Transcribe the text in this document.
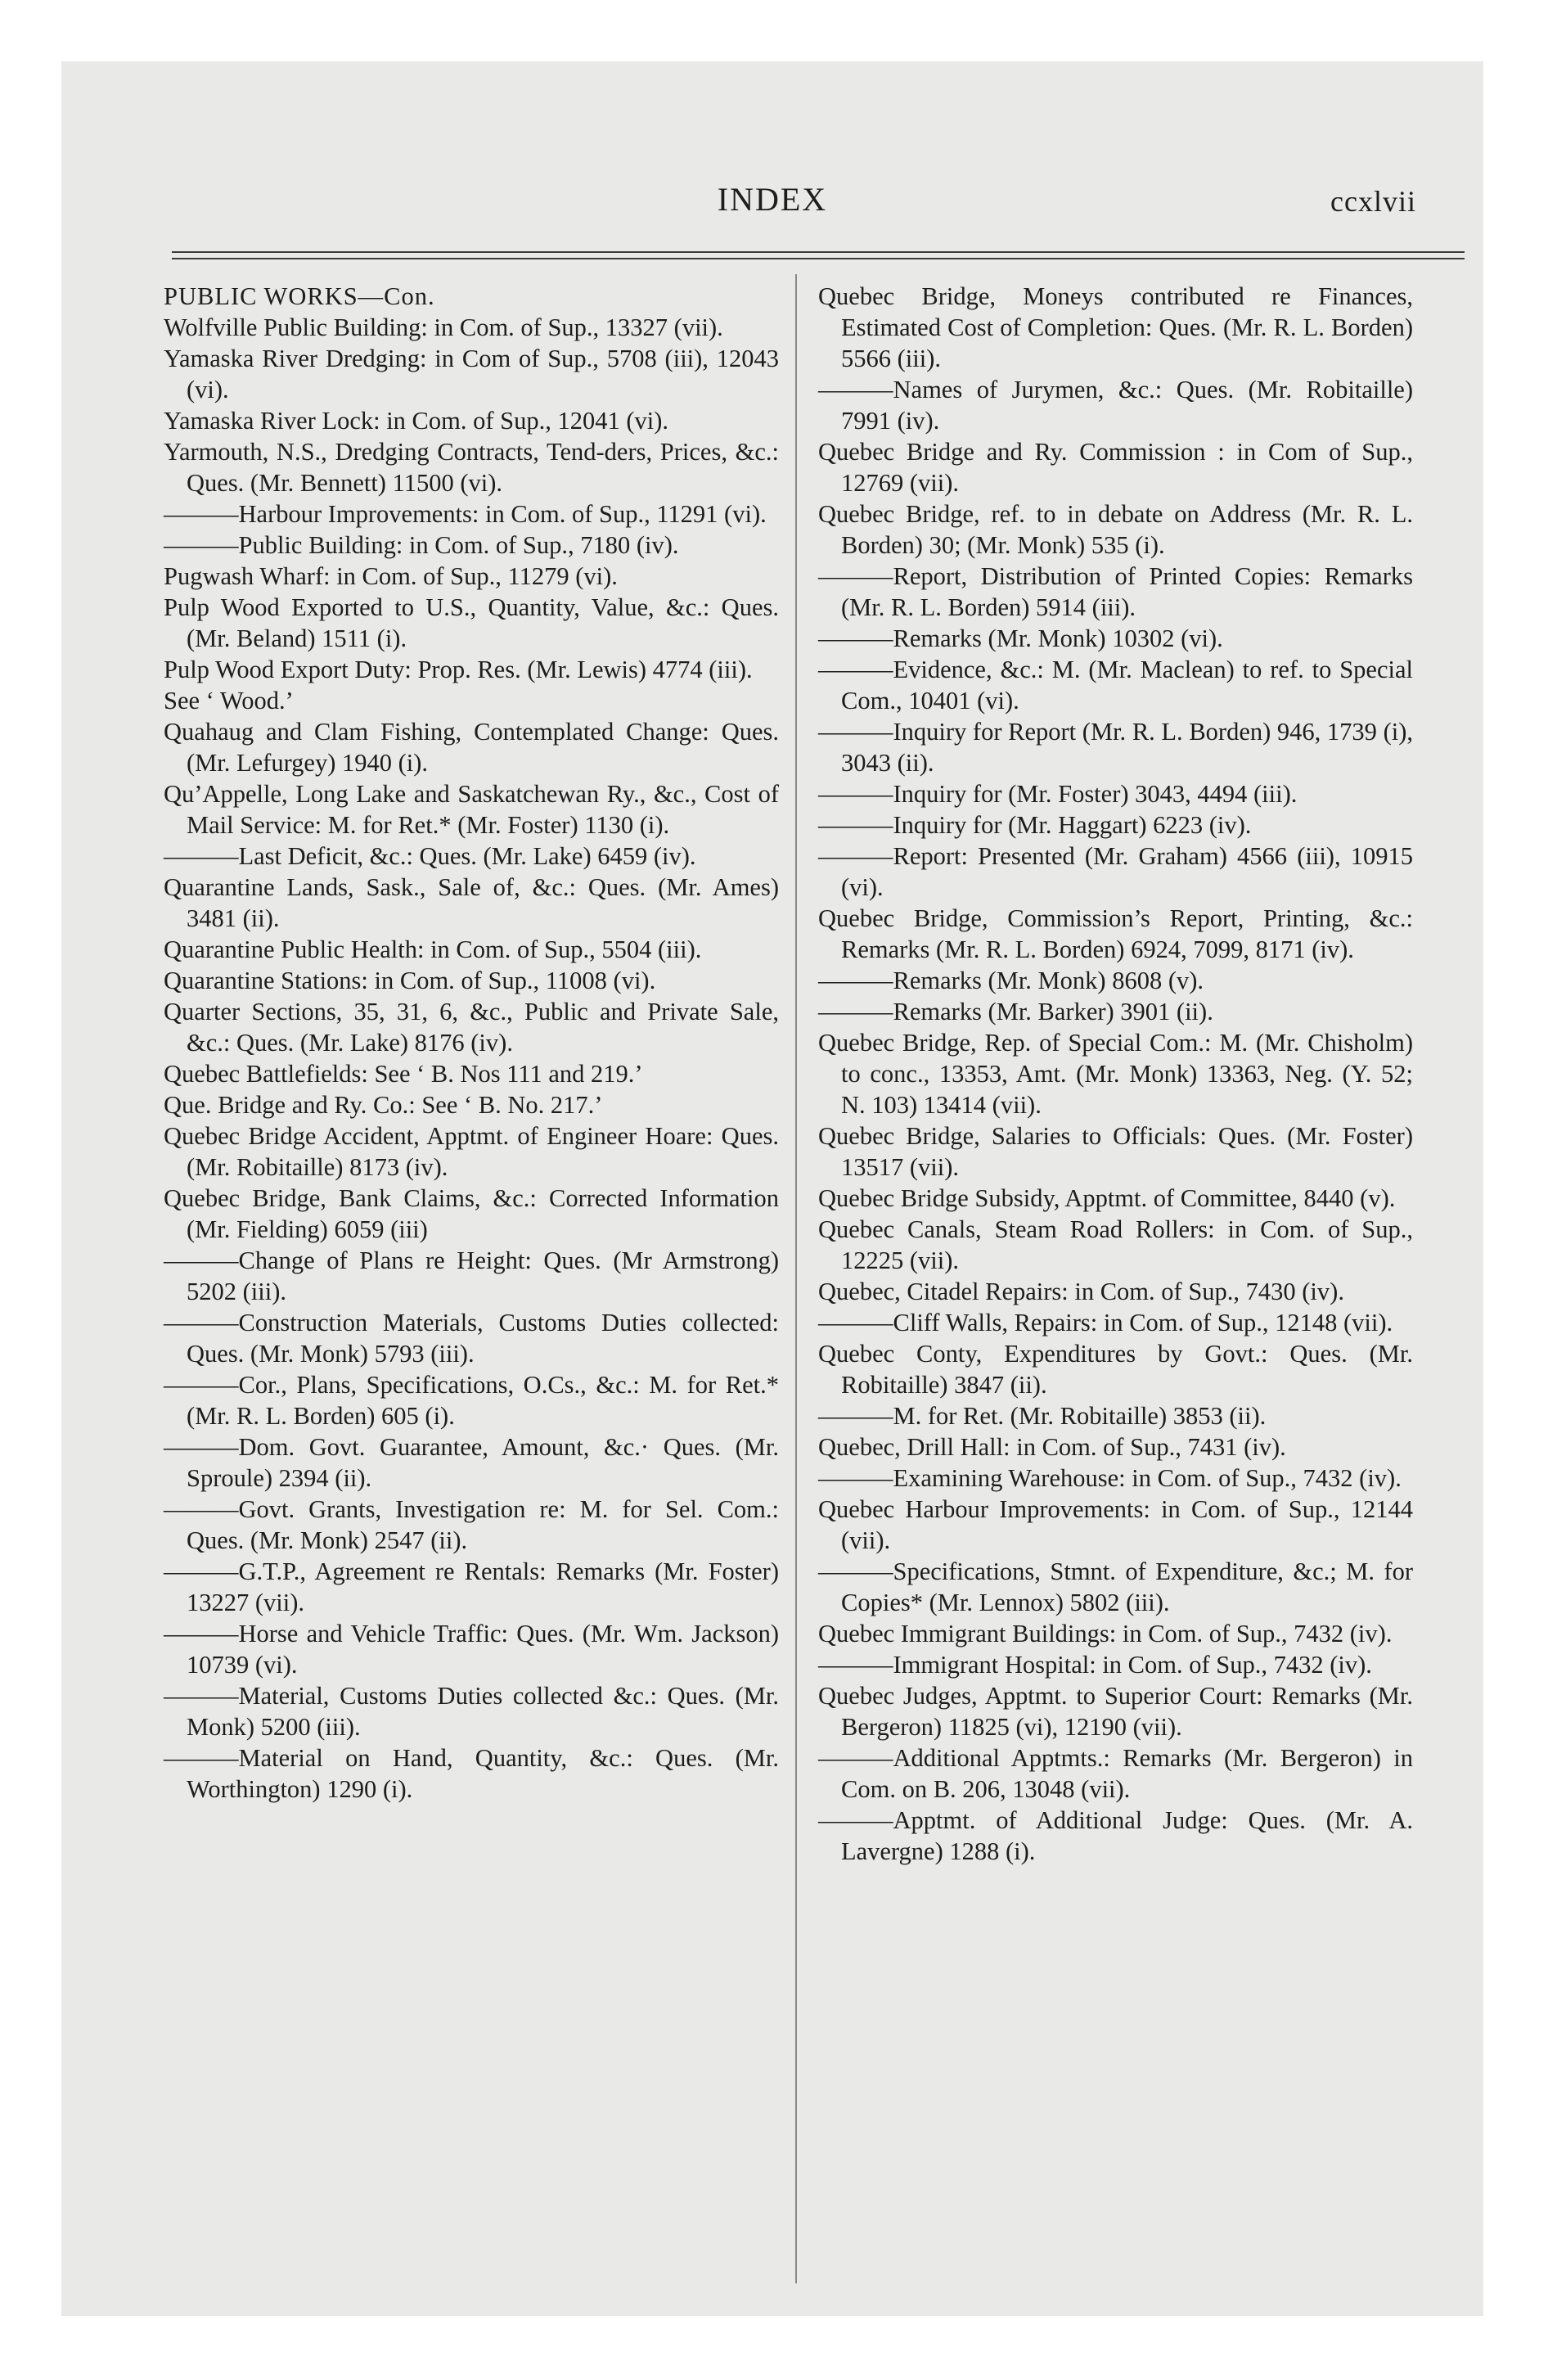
INDEX	ccxlvii
PUBLIC WORKS—Con.
Wolfville Public Building: in Com. of Sup., 13327 (vii).
Yamaska River Dredging: in Com of Sup., 5708 (iii), 12043 (vi).
Yamaska River Lock: in Com. of Sup., 12041 (vi).
Yarmouth, N.S., Dredging Contracts, Tend-ders, Prices, &c.: Ques. (Mr. Bennett) 11500 (vi).
———Harbour Improvements: in Com. of Sup., 11291 (vi).
———Public Building: in Com. of Sup., 7180 (iv).
Pugwash Wharf: in Com. of Sup., 11279 (vi).
Pulp Wood Exported to U.S., Quantity, Value, &c.: Ques. (Mr. Beland) 1511 (i).
Pulp Wood Export Duty: Prop. Res. (Mr. Lewis) 4774 (iii).
See ‘ Wood.’
Quahaug and Clam Fishing, Contemplated Change: Ques. (Mr. Lefurgey) 1940 (i).
Qu’Appelle, Long Lake and Saskatchewan Ry., &c., Cost of Mail Service: M. for Ret.* (Mr. Foster) 1130 (i).
———Last Deficit, &c.: Ques. (Mr. Lake) 6459 (iv).
Quarantine Lands, Sask., Sale of, &c.: Ques. (Mr. Ames) 3481 (ii).
Quarantine Public Health: in Com. of Sup., 5504 (iii).
Quarantine Stations: in Com. of Sup., 11008 (vi).
Quarter Sections, 35, 31, 6, &c., Public and Private Sale, &c.: Ques. (Mr. Lake) 8176 (iv).
Quebec Battlefields: See ‘ B. Nos 111 and 219.’
Que. Bridge and Ry. Co.: See ‘ B. No. 217.’
Quebec Bridge Accident, Apptmt. of Engineer Hoare: Ques. (Mr. Robitaille) 8173 (iv).
Quebec Bridge, Bank Claims, &c.: Corrected Information (Mr. Fielding) 6059 (iii)
———Change of Plans re Height: Ques. (Mr Armstrong) 5202 (iii).
———Construction Materials, Customs Duties collected: Ques. (Mr. Monk) 5793 (iii).
———Cor., Plans, Specifications, O.Cs., &c.: M. for Ret.* (Mr. R. L. Borden) 605 (i).
———Dom. Govt. Guarantee, Amount, &c.· Ques. (Mr. Sproule) 2394 (ii).
———Govt. Grants, Investigation re: M. for Sel. Com.: Ques. (Mr. Monk) 2547 (ii).
———G.T.P., Agreement re Rentals: Remarks (Mr. Foster) 13227 (vii).
———Horse and Vehicle Traffic: Ques. (Mr. Wm. Jackson) 10739 (vi).
———Material, Customs Duties collected &c.: Ques. (Mr. Monk) 5200 (iii).
———Material on Hand, Quantity, &c.: Ques. (Mr. Worthington) 1290 (i).
Quebec Bridge, Moneys contributed re Finances, Estimated Cost of Completion: Ques. (Mr. R. L. Borden) 5566 (iii).
———Names of Jurymen, &c.: Ques. (Mr. Robitaille) 7991 (iv).
Quebec Bridge and Ry. Commission : in Com of Sup., 12769 (vii).
Quebec Bridge, ref. to in debate on Address (Mr. R. L. Borden) 30; (Mr. Monk) 535 (i).
———Report, Distribution of Printed Copies: Remarks (Mr. R. L. Borden) 5914 (iii).
———Remarks (Mr. Monk) 10302 (vi).
———Evidence, &c.: M. (Mr. Maclean) to ref. to Special Com., 10401 (vi).
———Inquiry for Report (Mr. R. L. Borden) 946, 1739 (i), 3043 (ii).
———Inquiry for (Mr. Foster) 3043, 4494 (iii).
———Inquiry for (Mr. Haggart) 6223 (iv).
———Report: Presented (Mr. Graham) 4566 (iii), 10915 (vi).
Quebec Bridge, Commission’s Report, Printing, &c.: Remarks (Mr. R. L. Borden) 6924, 7099, 8171 (iv).
———Remarks (Mr. Monk) 8608 (v).
———Remarks (Mr. Barker) 3901 (ii).
Quebec Bridge, Rep. of Special Com.: M. (Mr. Chisholm) to conc., 13353, Amt. (Mr. Monk) 13363, Neg. (Y. 52; N. 103) 13414 (vii).
Quebec Bridge, Salaries to Officials: Ques. (Mr. Foster) 13517 (vii).
Quebec Bridge Subsidy, Apptmt. of Committee, 8440 (v).
Quebec Canals, Steam Road Rollers: in Com. of Sup., 12225 (vii).
Quebec, Citadel Repairs: in Com. of Sup., 7430 (iv).
———Cliff Walls, Repairs: in Com. of Sup., 12148 (vii).
Quebec Conty, Expenditures by Govt.: Ques. (Mr. Robitaille) 3847 (ii).
———M. for Ret. (Mr. Robitaille) 3853 (ii).
Quebec, Drill Hall: in Com. of Sup., 7431 (iv).
———Examining Warehouse: in Com. of Sup., 7432 (iv).
Quebec Harbour Improvements: in Com. of Sup., 12144 (vii).
———Specifications, Stmnt. of Expenditure, &c.; M. for Copies* (Mr. Lennox) 5802 (iii).
Quebec Immigrant Buildings: in Com. of Sup., 7432 (iv).
———Immigrant Hospital: in Com. of Sup., 7432 (iv).
Quebec Judges, Apptmt. to Superior Court: Remarks (Mr. Bergeron) 11825 (vi), 12190 (vii).
———Additional Apptmts.: Remarks (Mr. Bergeron) in Com. on B. 206, 13048 (vii).
———Apptmt. of Additional Judge: Ques. (Mr. A. Lavergne) 1288 (i).
